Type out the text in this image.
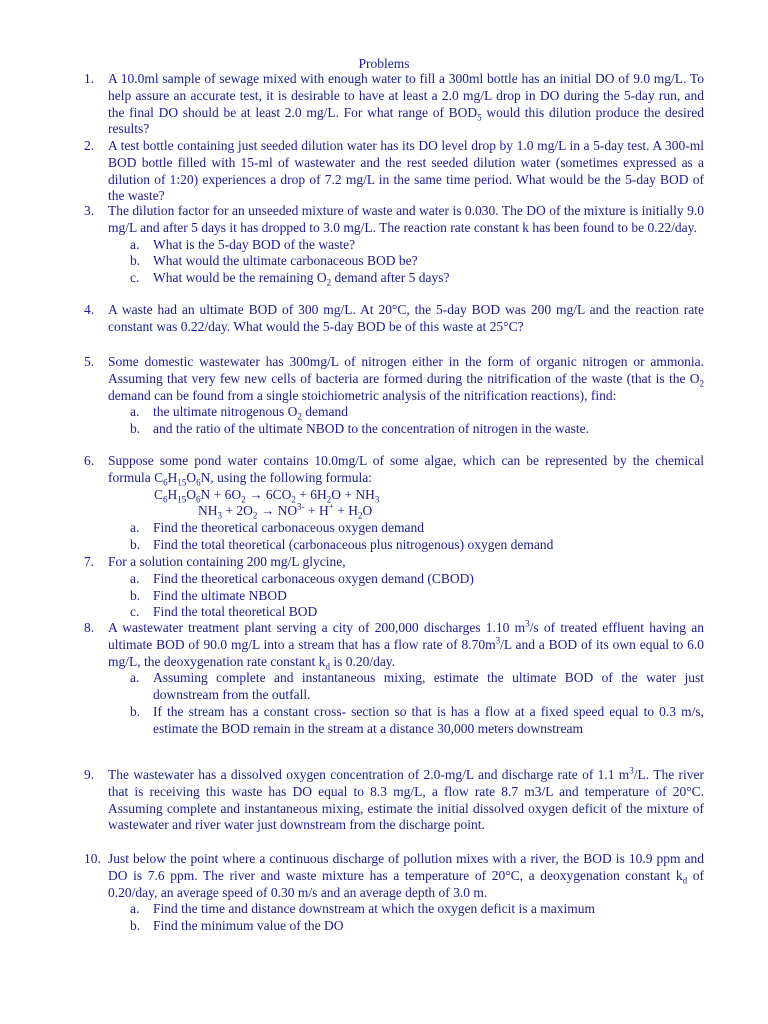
Problems
1. A 10.0ml sample of sewage mixed with enough water to fill a 300ml bottle has an initial DO of 9.0 mg/L. To help assure an accurate test, it is desirable to have at least a 2.0 mg/L drop in DO during the 5-day run, and the final DO should be at least 2.0 mg/L. For what range of $BOD_5$ would this dilution produce the desired results?
2. A test bottle containing just seeded dilution water has its DO level drop by 1.0 mg/L in a 5-day test. A 300-ml BOD bottle filled with 15-ml of wastewater and the rest seeded dilution water (sometimes expressed as a dilution of 1:20) experiences a drop of 7.2 mg/L in the same time period. What would be the 5-day BOD of the waste?
3. The dilution factor for an unseeded mixture of waste and water is 0.030. The DO of the mixture is initially 9.0 mg/L and after 5 days it has dropped to 3.0 mg/L. The reaction rate constant k has been found to be 0.22/day.
a. What is the 5-day BOD of the waste?
b. What would the ultimate carbonaceous BOD be?
c. What would be the remaining $O_2$ demand after 5 days?
4. A waste had an ultimate BOD of 300 mg/L. At 20°C, the 5-day BOD was 200 mg/L and the reaction rate constant was 0.22/day. What would the 5-day BOD be of this waste at 25°C?
5. Some domestic wastewater has 300mg/L of nitrogen either in the form of organic nitrogen or ammonia. Assuming that very few new cells of bacteria are formed during the nitrification of the waste (that is the $O_2$ demand can be found from a single stoichiometric analysis of the nitrification reactions), find:
a. the ultimate nitrogenous $O_2$ demand
b. and the ratio of the ultimate NBOD to the concentration of nitrogen in the waste.
6. Suppose some pond water contains 10.0mg/L of some algae, which can be represented by the chemical formula $C_6H_{15}O_6N$, using the following formula:
$C_6H_{15}O_6N + 6O_2 \to 6CO_2 + 6H_2O + NH_3$
$NH_3 + 2O_2 \to NO^{3-} + H^+ + H_2O$
a. Find the theoretical carbonaceous oxygen demand
b. Find the total theoretical (carbonaceous plus nitrogenous) oxygen demand
7. For a solution containing 200 mg/L glycine,
a. Find the theoretical carbonaceous oxygen demand (CBOD)
b. Find the ultimate NBOD
c. Find the total theoretical BOD
8. A wastewater treatment plant serving a city of 200,000 discharges 1.10 $m^3/s$ of treated effluent having an ultimate BOD of 90.0 mg/L into a stream that has a flow rate of $8.70m^3/L$ and a BOD of its own equal to 6.0 mg/L, the deoxygenation rate constant $k_d$ is 0.20/day.
a. Assuming complete and instantaneous mixing, estimate the ultimate BOD of the water just downstream from the outfall.
b. If the stream has a constant cross- section so that is has a flow at a fixed speed equal to 0.3 m/s, estimate the BOD remain in the stream at a distance 30,000 meters downstream
9. The wastewater has a dissolved oxygen concentration of 2.0-mg/L and discharge rate of 1.1 $m^3/L$. The river that is receiving this waste has DO equal to 8.3 mg/L, a flow rate 8.7 m3/L and temperature of 20°C. Assuming complete and instantaneous mixing, estimate the initial dissolved oxygen deficit of the mixture of wastewater and river water just downstream from the discharge point.
10. Just below the point where a continuous discharge of pollution mixes with a river, the BOD is 10.9 ppm and DO is 7.6 ppm. The river and waste mixture has a temperature of 20°C, a deoxygenation constant $k_d$ of 0.20/day, an average speed of 0.30 m/s and an average depth of 3.0 m.
a. Find the time and distance downstream at which the oxygen deficit is a maximum
b. Find the minimum value of the DO
